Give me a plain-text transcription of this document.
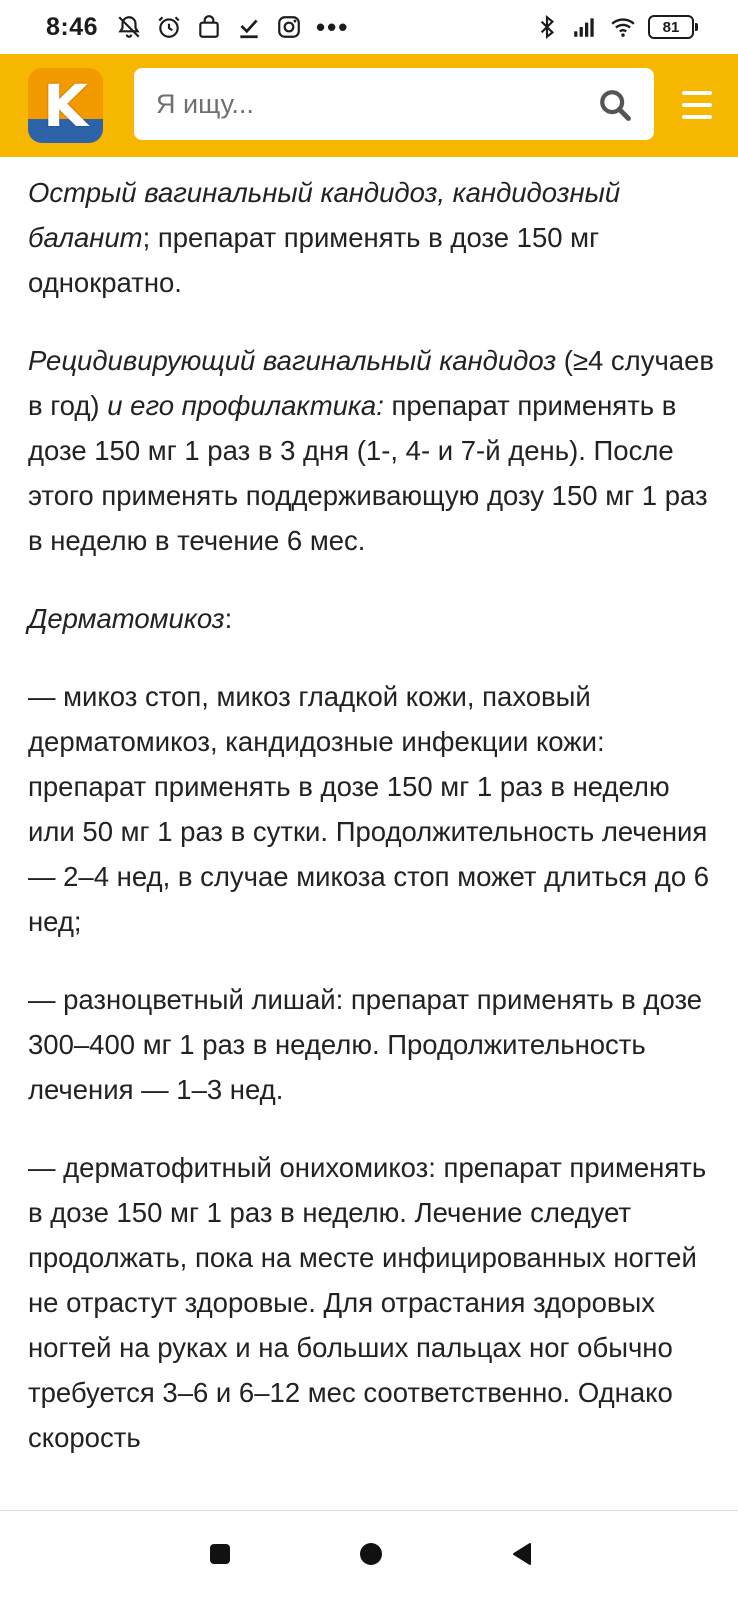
8:46	•••	81
K
Я ищу...

Острый вагинальный кандидоз, кандидозный баланит; препарат применять в дозе 150 мг однократно.

Рецидивирующий вагинальный кандидоз (≥4 случаев в год) и его профилактика: препарат применять в дозе 150 мг 1 раз в 3 дня (1-, 4- и 7-й день). После этого применять поддерживающую дозу 150 мг 1 раз в неделю в течение 6 мес.

Дерматомикоз:

— микоз стоп, микоз гладкой кожи, паховый дерматомикоз, кандидозные инфекции кожи: препарат применять в дозе 150 мг 1 раз в неделю или 50 мг 1 раз в сутки. Продолжительность лечения — 2–4 нед, в случае микоза стоп может длиться до 6 нед;

— разноцветный лишай: препарат применять в дозе 300–400 мг 1 раз в неделю. Продолжительность лечения — 1–3 нед.

— дерматофитный онихомикоз: препарат применять в дозе 150 мг 1 раз в неделю. Лечение следует продолжать, пока на месте инфицированных ногтей не отрастут здоровые. Для отрастания здоровых ногтей на руках и на больших пальцах ног обычно требуется 3–6 и 6–12 мес соответственно. Однако скорость
